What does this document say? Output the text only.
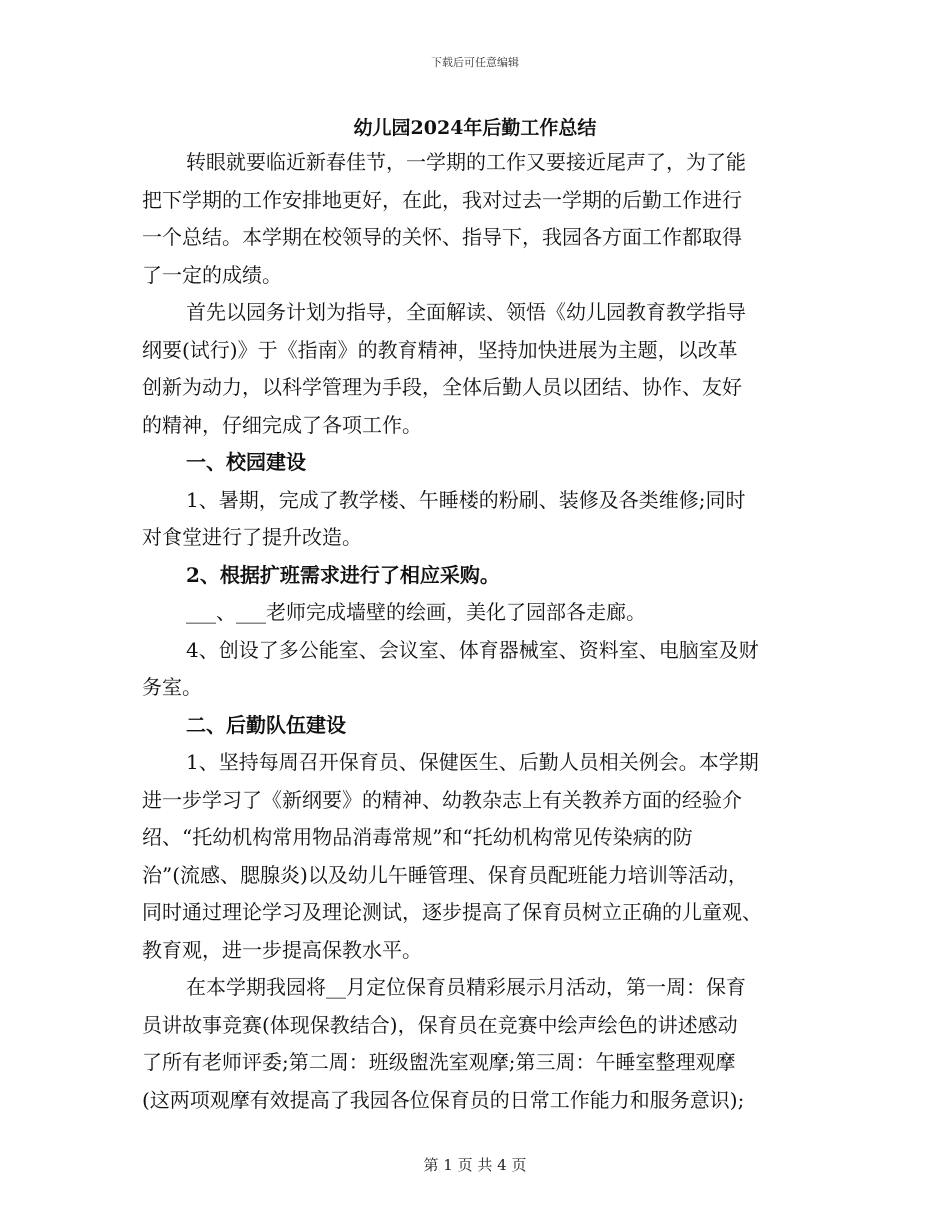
下载后可任意编辑
幼儿园2024年后勤工作总结

转眼就要临近新春佳节，一学期的工作又要接近尾声了，为了能

把下学期的工作安排地更好，在此，我对过去一学期的后勤工作进行

一个总结。本学期在校领导的关怀、指导下，我园各方面工作都取得

了一定的成绩。

首先以园务计划为指导，全面解读、领悟《幼儿园教育教学指导

纲要(试行)》于《指南》的教育精神，坚持加快进展为主题，以改革

创新为动力，以科学管理为手段，全体后勤人员以团结、协作、友好

的精神，仔细完成了各项工作。

一、校园建设

1、暑期，完成了教学楼、午睡楼的粉刷、装修及各类维修;同时

对食堂进行了提升改造。

2、根据扩班需求进行了相应采购。

___、___老师完成墙壁的绘画，美化了园部各走廊。

4、创设了多公能室、会议室、体育器械室、资料室、电脑室及财

务室。

二、后勤队伍建设

1、坚持每周召开保育员、保健医生、后勤人员相关例会。本学期

进一步学习了《新纲要》的精神、幼教杂志上有关教养方面的经验介

绍、“托幼机构常用物品消毒常规”和“托幼机构常见传染病的防

治”(流感、腮腺炎)以及幼儿午睡管理、保育员配班能力培训等活动，

同时通过理论学习及理论测试，逐步提高了保育员树立正确的儿童观、

教育观，进一步提高保教水平。

在本学期我园将__月定位保育员精彩展示月活动，第一周：保育

员讲故事竞赛(体现保教结合)，保育员在竞赛中绘声绘色的讲述感动

了所有老师评委;第二周：班级盥洗室观摩;第三周：午睡室整理观摩

(这两项观摩有效提高了我园各位保育员的日常工作能力和服务意识);

第 1 页 共 4 页
